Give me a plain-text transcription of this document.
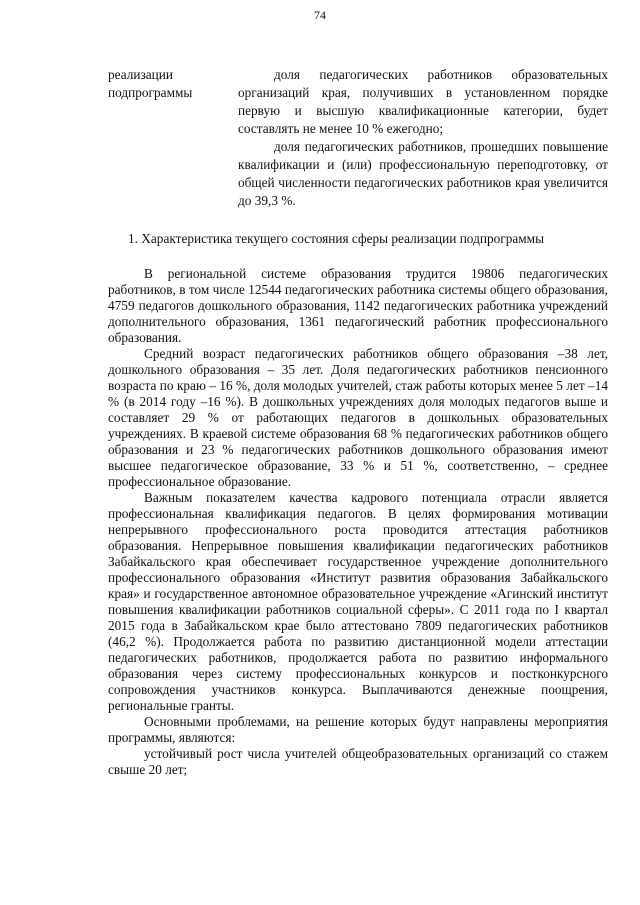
74
реализации подпрограммы

доля педагогических работников образовательных организаций края, получивших в установленном порядке первую и высшую квалификационные категории, будет составлять не менее 10 % ежегодно;

доля педагогических работников, прошедших повышение квалификации и (или) профессиональную переподготовку, от общей численности педагогических работников края увеличится до 39,3 %.

1. Характеристика текущего состояния сферы реализации подпрограммы

В региональной системе образования трудится 19806 педагогических работников, в том числе 12544 педагогических работника системы общего образования, 4759 педагогов дошкольного образования, 1142 педагогических работника учреждений дополнительного образования, 1361 педагогический работник профессионального образования.

Средний возраст педагогических работников общего образования –38 лет, дошкольного образования – 35 лет. Доля педагогических работников пенсионного возраста по краю – 16 %, доля молодых учителей, стаж работы которых менее 5 лет –14 % (в 2014 году –16 %). В дошкольных учреждениях доля молодых педагогов выше и составляет 29 % от работающих педагогов в дошкольных образовательных учреждениях. В краевой системе образования 68 % педагогических работников общего образования и 23 % педагогических работников дошкольного образования имеют высшее педагогическое образование, 33 % и 51 %, соответственно, – среднее профессиональное образование.

Важным показателем качества кадрового потенциала отрасли является профессиональная квалификация педагогов. В целях формирования мотивации непрерывного профессионального роста проводится аттестация работников образования. Непрерывное повышения квалификации педагогических работников Забайкальского края обеспечивает государственное учреждение дополнительного профессионального образования «Институт развития образования Забайкальского края» и государственное автономное образовательное учреждение «Агинский институт повышения квалификации работников социальной сферы». С 2011 года по I квартал 2015 года в Забайкальском крае было аттестовано 7809 педагогических работников (46,2 %). Продолжается работа по развитию дистанционной модели аттестации педагогических работников, продолжается работа по развитию информального образования через систему профессиональных конкурсов и постконкурсного сопровождения участников конкурса. Выплачиваются денежные поощрения, региональные гранты.

Основными проблемами, на решение которых будут направлены мероприятия программы, являются:

устойчивый рост числа учителей общеобразовательных организаций со стажем свыше 20 лет;
